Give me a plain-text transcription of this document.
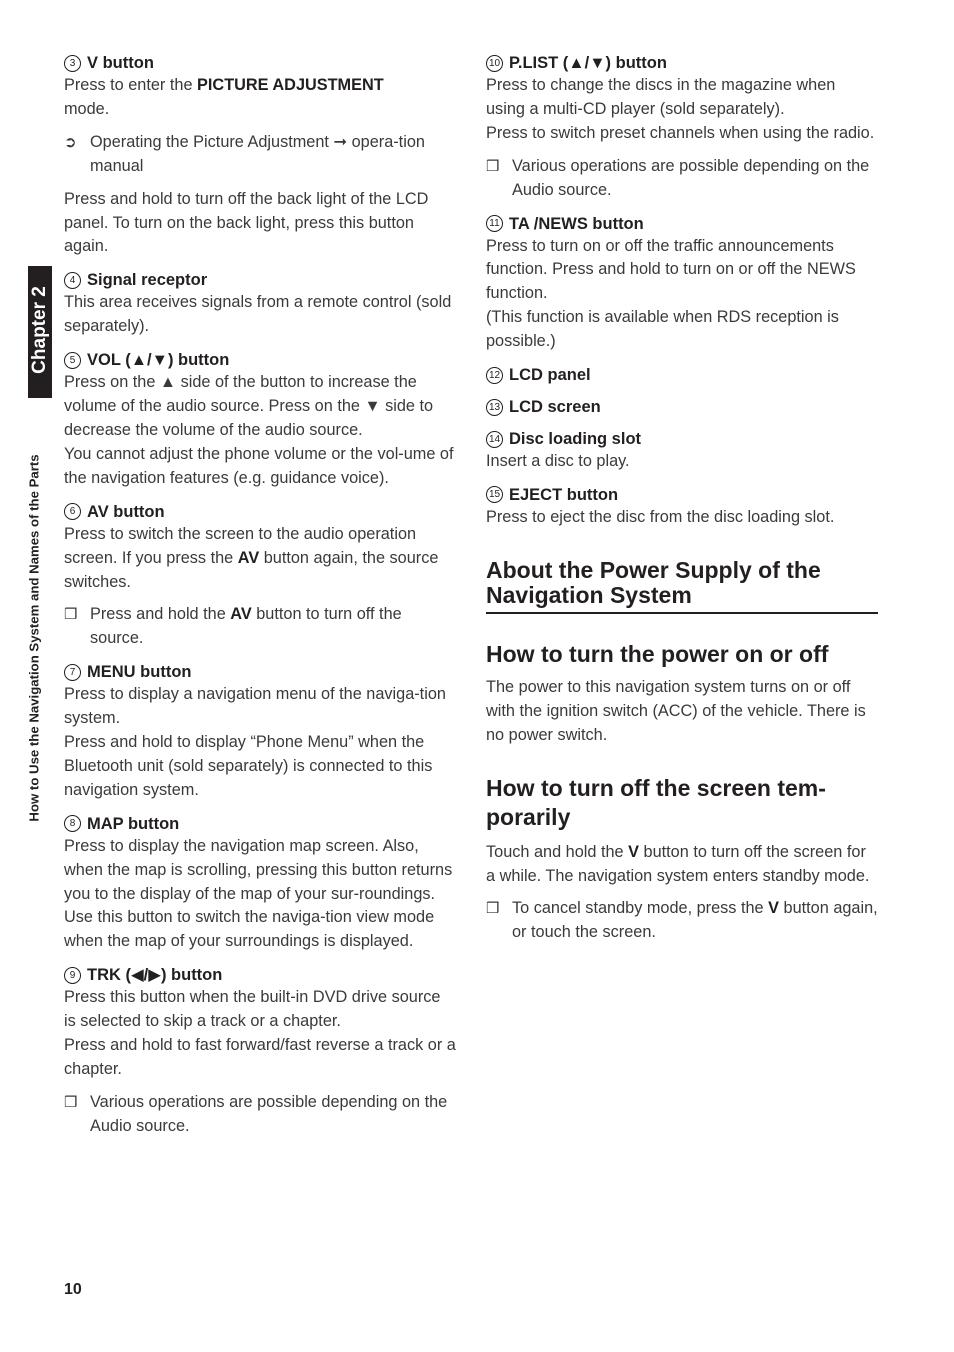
Chapter 2
How to Use the Navigation System and Names of the Parts
3 V button

Press to enter the PICTURE ADJUSTMENT
mode.

➲ Operating the Picture Adjustment ➞ opera-tion manual

Press and hold to turn off the back light of the LCD panel. To turn on the back light, press this button again.

4 Signal receptor

This area receives signals from a remote control (sold separately).

5 VOL (▲/▼) button

Press on the ▲ side of the button to increase the volume of the audio source. Press on the ▼ side to decrease the volume of the audio source.

You cannot adjust the phone volume or the vol-ume of the navigation features (e.g. guidance voice).

6 AV button

Press to switch the screen to the audio operation screen. If you press the AV button again, the source switches.

❒ Press and hold the AV button to turn off the source.
7 MENU button

Press to display a navigation menu of the naviga-tion system.

Press and hold to display “Phone Menu” when the Bluetooth unit (sold separately) is connected to this navigation system.

8 MAP button

Press to display the navigation map screen. Also, when the map is scrolling, pressing this button returns you to the display of the map of your sur-roundings. Use this button to switch the naviga-tion view mode when the map of your surroundings is displayed.

9 TRK (◀/▶) button

Press this button when the built-in DVD drive source is selected to skip a track or a chapter.

Press and hold to fast forward/fast reverse a track or a chapter.

❒ Various operations are possible depending on the Audio source.
10 P.LIST (▲/▼) button

Press to change the discs in the magazine when using a multi-CD player (sold separately).

Press to switch preset channels when using the radio.

❒ Various operations are possible depending on the Audio source.
11 TA /NEWS button

Press to turn on or off the traffic announcements function. Press and hold to turn on or off the NEWS function.

(This function is available when RDS reception is possible.)

12 LCD panel
13 LCD screen
14 Disc loading slot

Insert a disc to play.

15 EJECT button

Press to eject the disc from the disc loading slot.

About the Power Supply of the Navigation System
How to turn the power on or off

The power to this navigation system turns on or off with the ignition switch (ACC) of the vehicle. There is no power switch.

How to turn off the screen tem-porarily

Touch and hold the V button to turn off the screen for a while. The navigation system enters standby mode.

❒ To cancel standby mode, press the V button again, or touch the screen.
10
